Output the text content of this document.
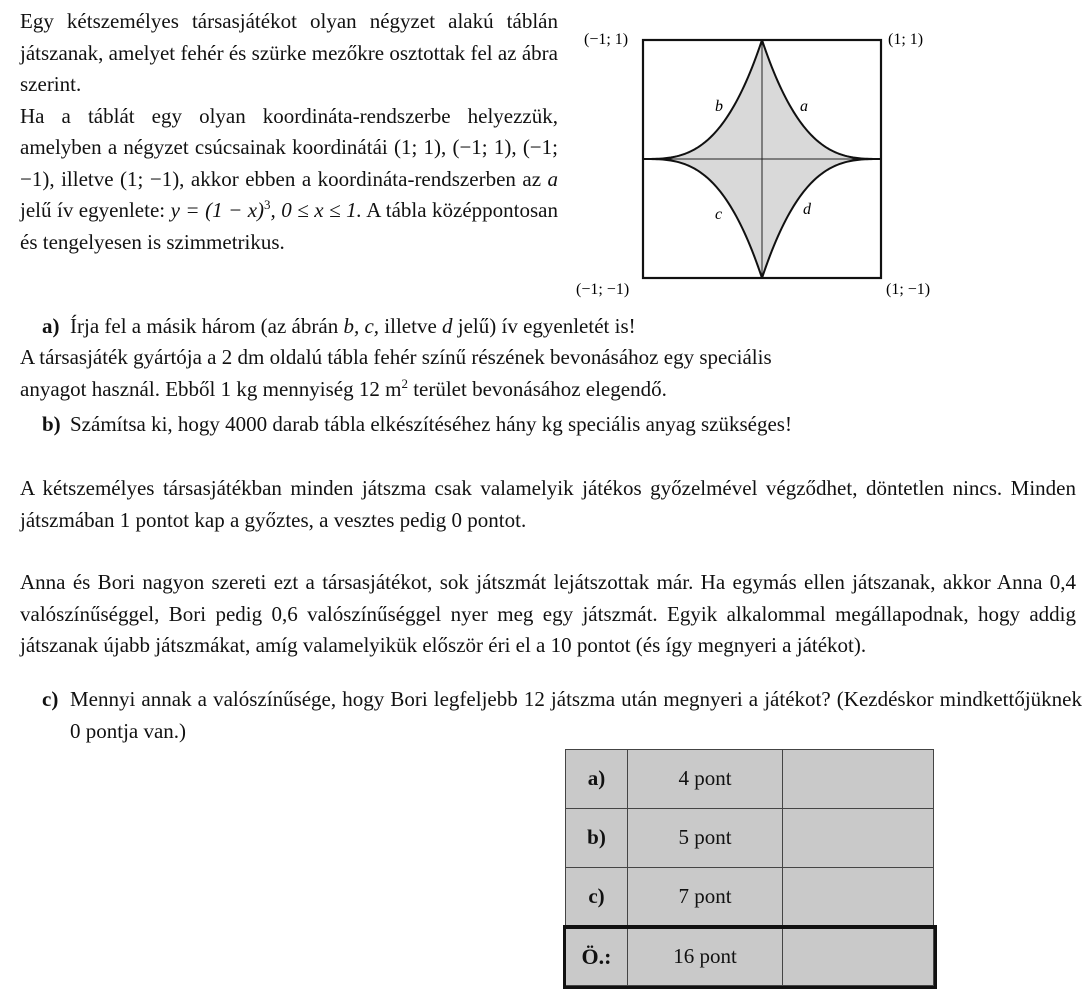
Egy kétszemélyes társasjátékot olyan négyzet alakú táblán játszanak, amelyet fehér és szürke mezőkre osztottak fel az ábra szerint.

Ha a táblát egy olyan koordináta-rendszerbe helyezzük, amelyben a négyzet csúcsainak koordinátái (1; 1), (−1; 1), (−1; −1), illetve (1; −1), akkor ebben a koordináta-rendszerben az a jelű ív egyenlete: $y = (1 - x)^3$, 0 ≤ x ≤ 1. A tábla középpontosan és tengelyesen is szimmetrikus.

(−1; 1)	(1; 1)
(−1; −1)	(1; −1)
a
b
c	d
a) Írja fel a másik három (az ábrán b, c, illetve d jelű) ív egyenletét is!
A társasjáték gyártója a 2 dm oldalú tábla fehér színű részének bevonásához egy speciális
anyagot használ. Ebből 1 kg mennyiség 12 $m^2$ terület bevonásához elegendő.
b) Számítsa ki, hogy 4000 darab tábla elkészítéséhez hány kg speciális anyag szükséges!
A kétszemélyes társasjátékban minden játszma csak valamelyik játékos győzelmével végződhet, döntetlen nincs. Minden játszmában 1 pontot kap a győztes, a vesztes pedig 0 pontot.
Anna és Bori nagyon szereti ezt a társasjátékot, sok játszmát lejátszottak már. Ha egymás ellen játszanak, akkor Anna 0,4 valószínűséggel, Bori pedig 0,6 valószínűséggel nyer meg egy játszmát. Egyik alkalommal megállapodnak, hogy addig játszanak újabb játszmákat, amíg valamelyikük először éri el a 10 pontot (és így megnyeri a játékot).
c) Mennyi annak a valószínűsége, hogy Bori legfeljebb 12 játszma után megnyeri a játékot? (Kezdéskor mindkettőjüknek 0 pontja van.)
a)	4 pont	
b)	5 pont	
c)	7 pont	
Ö.:	16 pont	
